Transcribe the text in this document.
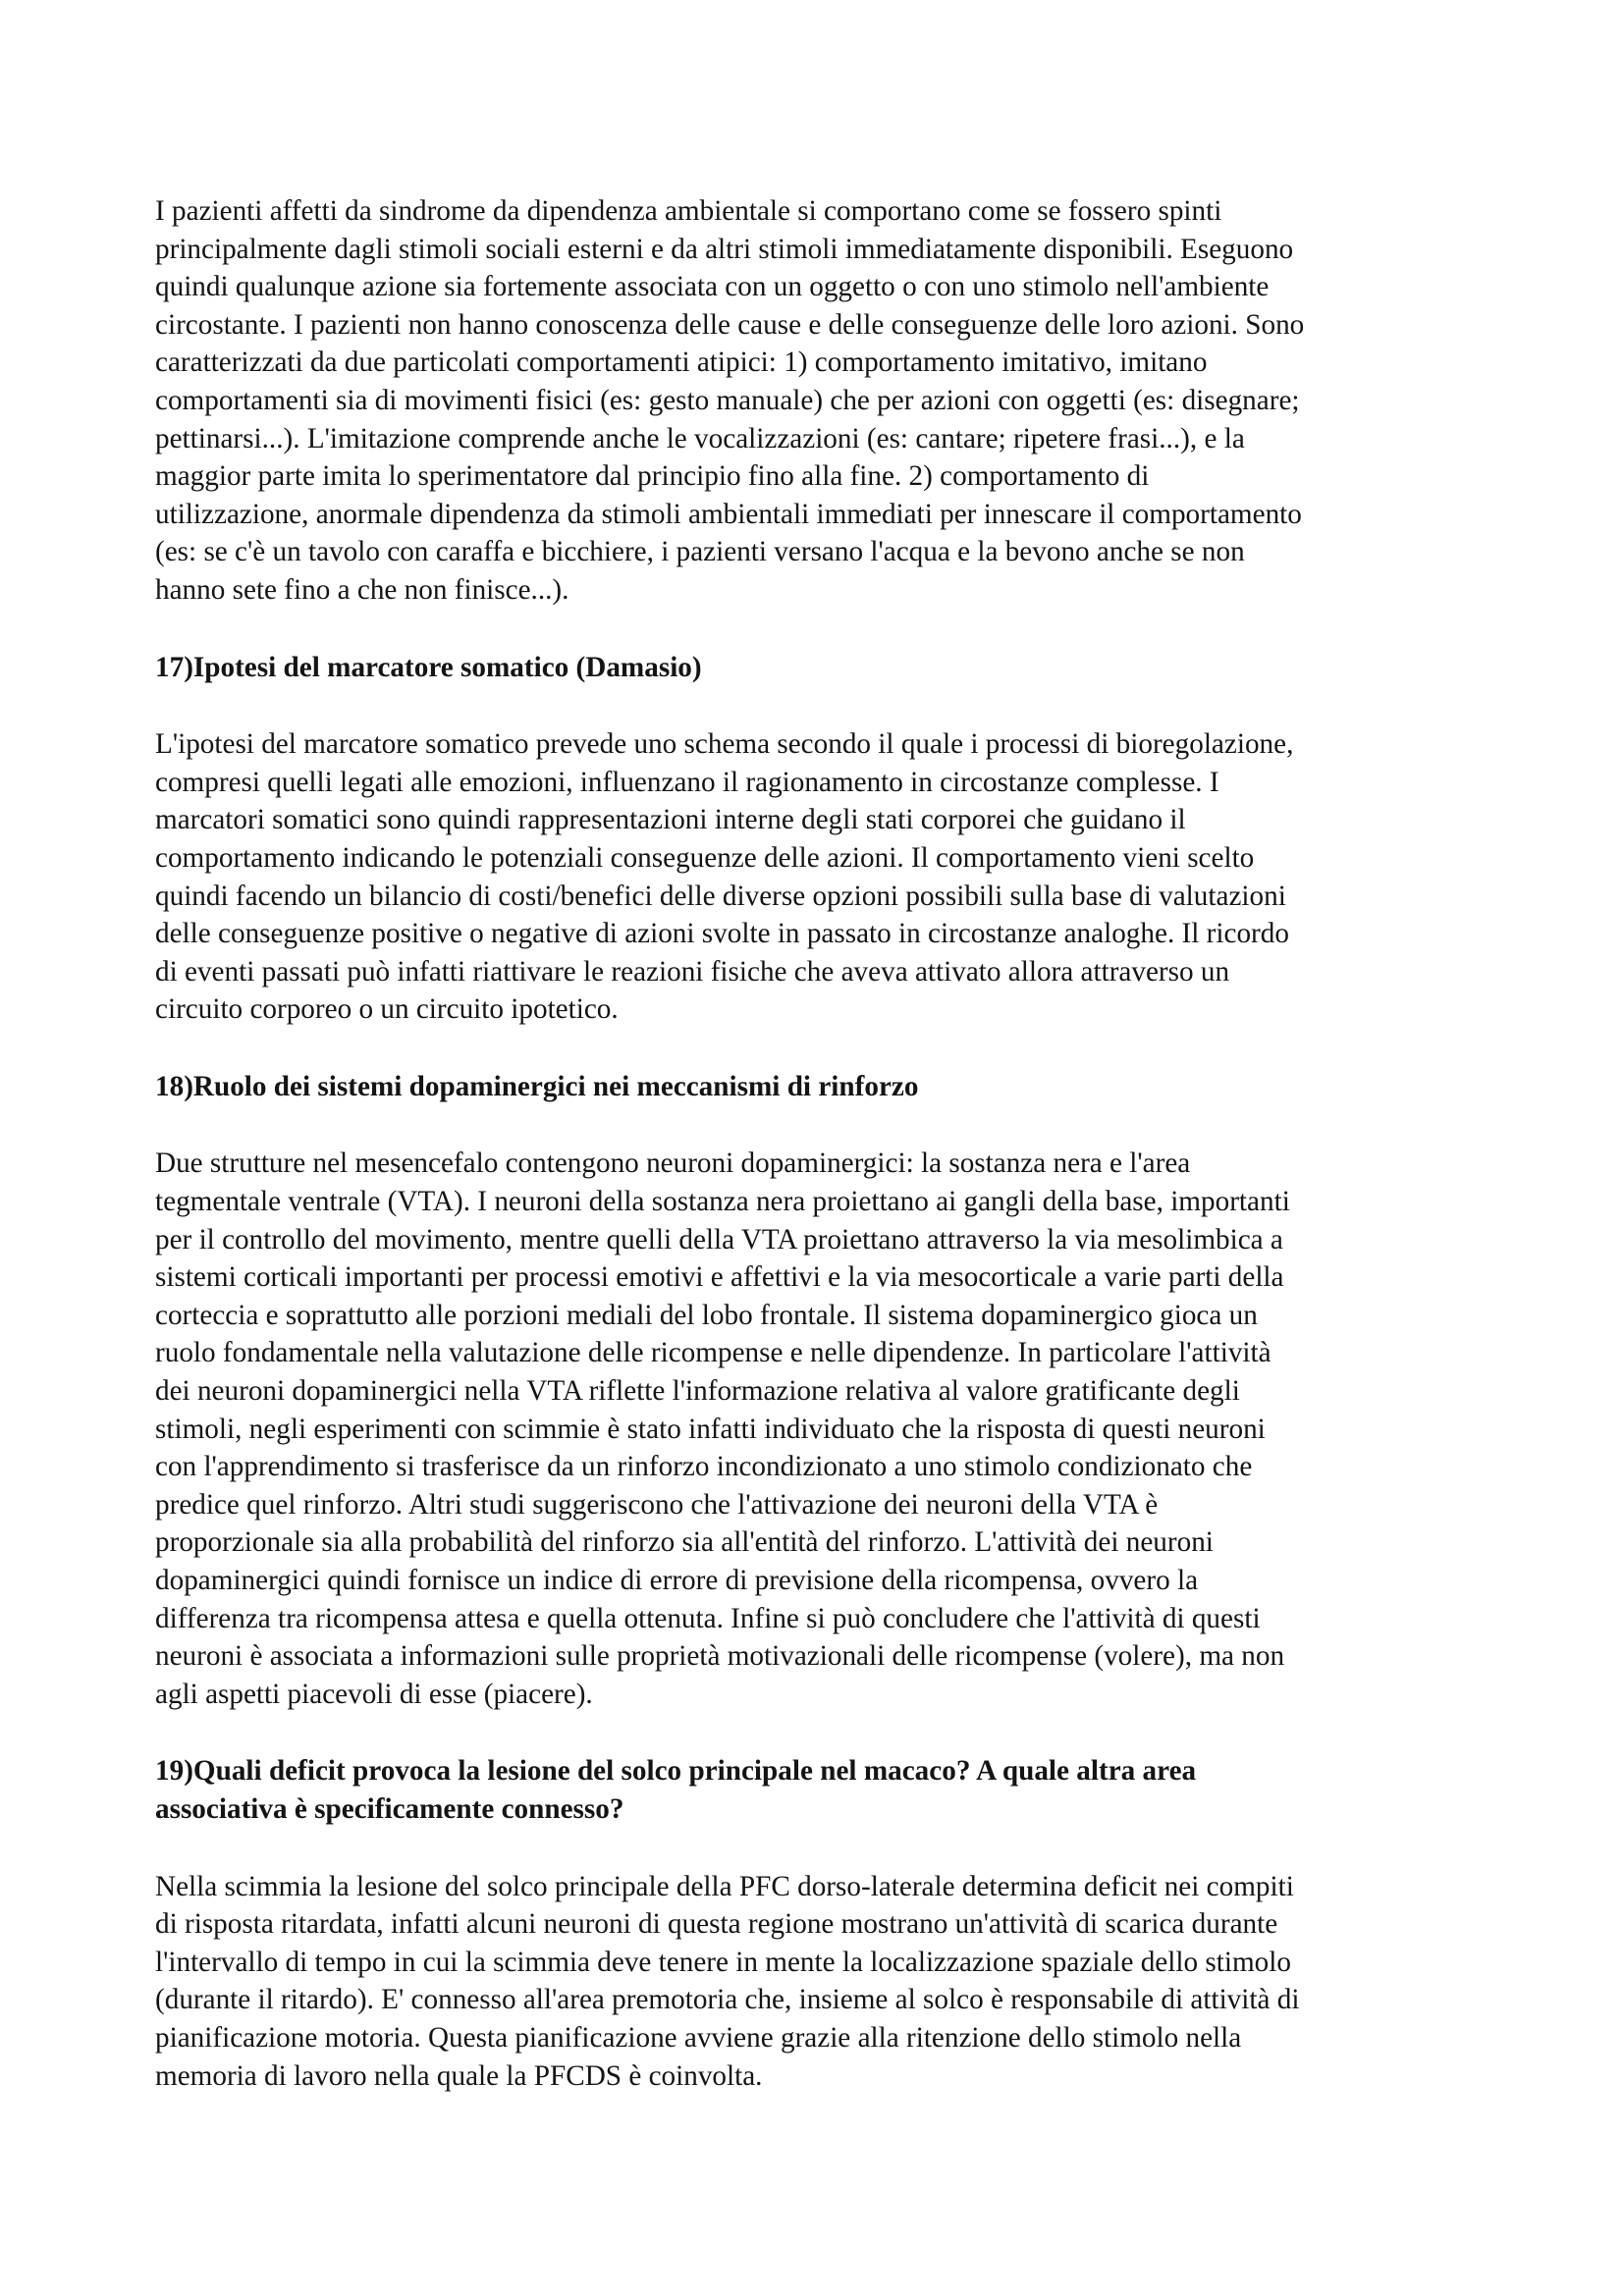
I pazienti affetti da sindrome da dipendenza ambientale si comportano come se fossero spinti
principalmente dagli stimoli sociali esterni e da altri stimoli immediatamente disponibili. Eseguono
quindi qualunque azione sia fortemente associata con un oggetto o con uno stimolo nell'ambiente
circostante. I pazienti non hanno conoscenza delle cause e delle conseguenze delle loro azioni. Sono
caratterizzati da due particolati comportamenti atipici: 1) comportamento imitativo, imitano
comportamenti sia di movimenti fisici (es: gesto manuale) che per azioni con oggetti (es: disegnare;
pettinarsi...). L'imitazione comprende anche le vocalizzazioni (es: cantare; ripetere frasi...), e la
maggior parte imita lo sperimentatore dal principio fino alla fine. 2) comportamento di
utilizzazione, anormale dipendenza da stimoli ambientali immediati per innescare il comportamento
(es: se c'è un tavolo con caraffa e bicchiere, i pazienti versano l'acqua e la bevono anche se non
hanno sete fino a che non finisce...).

17)Ipotesi del marcatore somatico (Damasio)

L'ipotesi del marcatore somatico prevede uno schema secondo il quale i processi di bioregolazione,
compresi quelli legati alle emozioni, influenzano il ragionamento in circostanze complesse. I
marcatori somatici sono quindi rappresentazioni interne degli stati corporei che guidano il
comportamento indicando le potenziali conseguenze delle azioni. Il comportamento vieni scelto
quindi facendo un bilancio di costi/benefici delle diverse opzioni possibili sulla base di valutazioni
delle conseguenze positive o negative di azioni svolte in passato in circostanze analoghe. Il ricordo
di eventi passati può infatti riattivare le reazioni fisiche che aveva attivato allora attraverso un
circuito corporeo o un circuito ipotetico.

18)Ruolo dei sistemi dopaminergici nei meccanismi di rinforzo

Due strutture nel mesencefalo contengono neuroni dopaminergici: la sostanza nera e l'area
tegmentale ventrale (VTA). I neuroni della sostanza nera proiettano ai gangli della base, importanti
per il controllo del movimento, mentre quelli della VTA proiettano attraverso la via mesolimbica a
sistemi corticali importanti per processi emotivi e affettivi e la via mesocorticale a varie parti della
corteccia e soprattutto alle porzioni mediali del lobo frontale. Il sistema dopaminergico gioca un
ruolo fondamentale nella valutazione delle ricompense e nelle dipendenze. In particolare l'attività
dei neuroni dopaminergici nella VTA riflette l'informazione relativa al valore gratificante degli
stimoli, negli esperimenti con scimmie è stato infatti individuato che la risposta di questi neuroni
con l'apprendimento si trasferisce da un rinforzo incondizionato a uno stimolo condizionato che
predice quel rinforzo. Altri studi suggeriscono che l'attivazione dei neuroni della VTA è
proporzionale sia alla probabilità del rinforzo sia all'entità del rinforzo. L'attività dei neuroni
dopaminergici quindi fornisce un indice di errore di previsione della ricompensa, ovvero la
differenza tra ricompensa attesa e quella ottenuta. Infine si può concludere che l'attività di questi
neuroni è associata a informazioni sulle proprietà motivazionali delle ricompense (volere), ma non
agli aspetti piacevoli di esse (piacere).

19)Quali deficit provoca la lesione del solco principale nel macaco? A quale altra area
associativa è specificamente connesso?

Nella scimmia la lesione del solco principale della PFC dorso-laterale determina deficit nei compiti
di risposta ritardata, infatti alcuni neuroni di questa regione mostrano un'attività di scarica durante
l'intervallo di tempo in cui la scimmia deve tenere in mente la localizzazione spaziale dello stimolo
(durante il ritardo). E' connesso all'area premotoria che, insieme al solco è responsabile di attività di
pianificazione motoria. Questa pianificazione avviene grazie alla ritenzione dello stimolo nella
memoria di lavoro nella quale la PFCDS è coinvolta.
